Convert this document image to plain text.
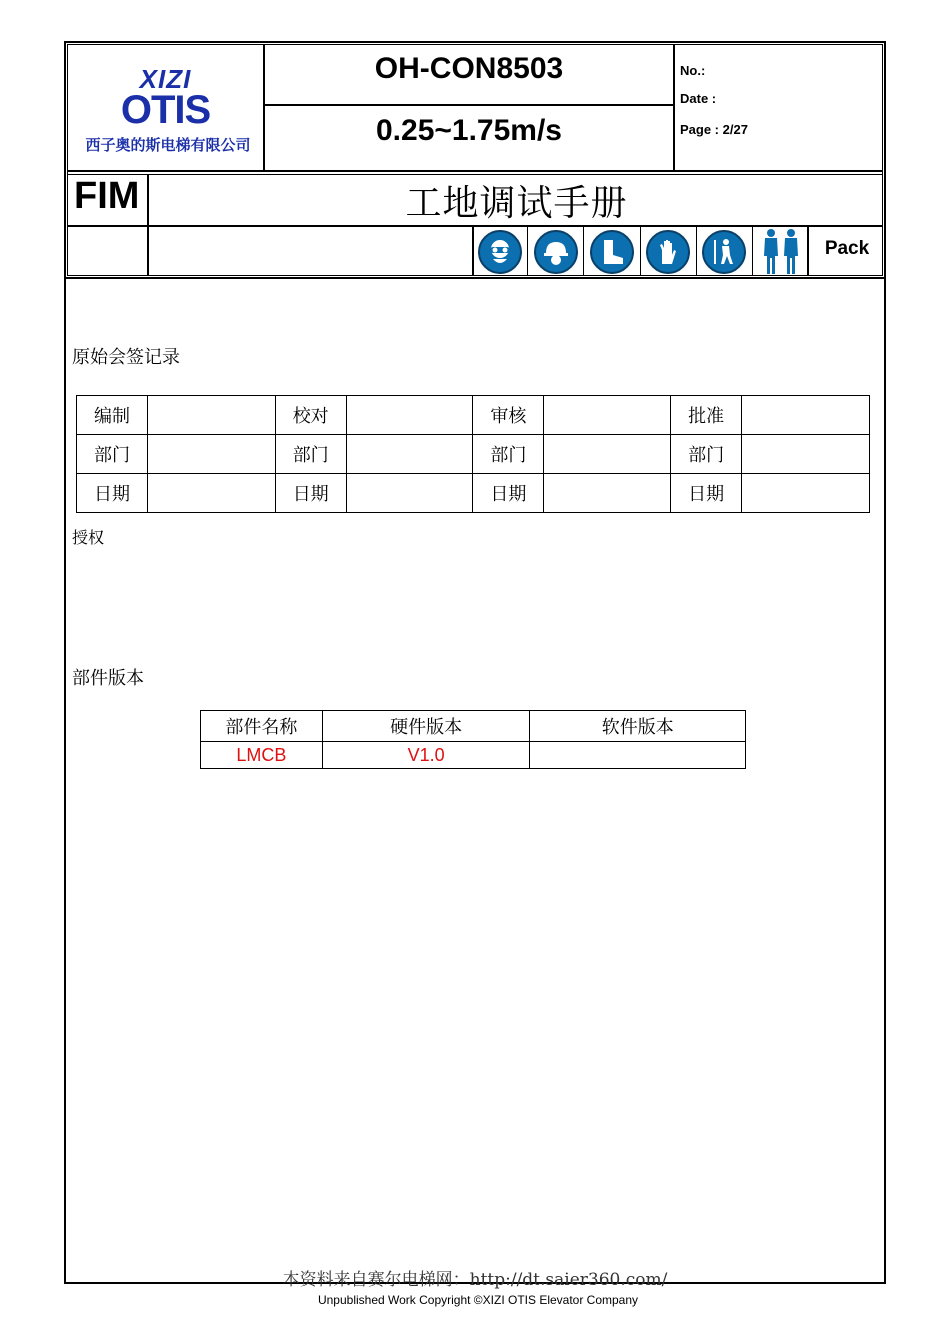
XIZI
OTIS
西子奥的斯电梯有限公司
OH-CON8503
0.25~1.75m/s
No.:
Date :
Page : 2/27
FIM	工地调试手册
Pack
原始会签记录
编制		校对		审核		批准	
部门		部门		部门		部门	
日期		日期		日期		日期	
授权
部件版本
部件名称	硬件版本	软件版本
LMCB	V1.0	
本资料来自赛尔电梯网：http://dt.saier360.com/
Unpublished Work Copyright ©XIZI OTIS Elevator Company
